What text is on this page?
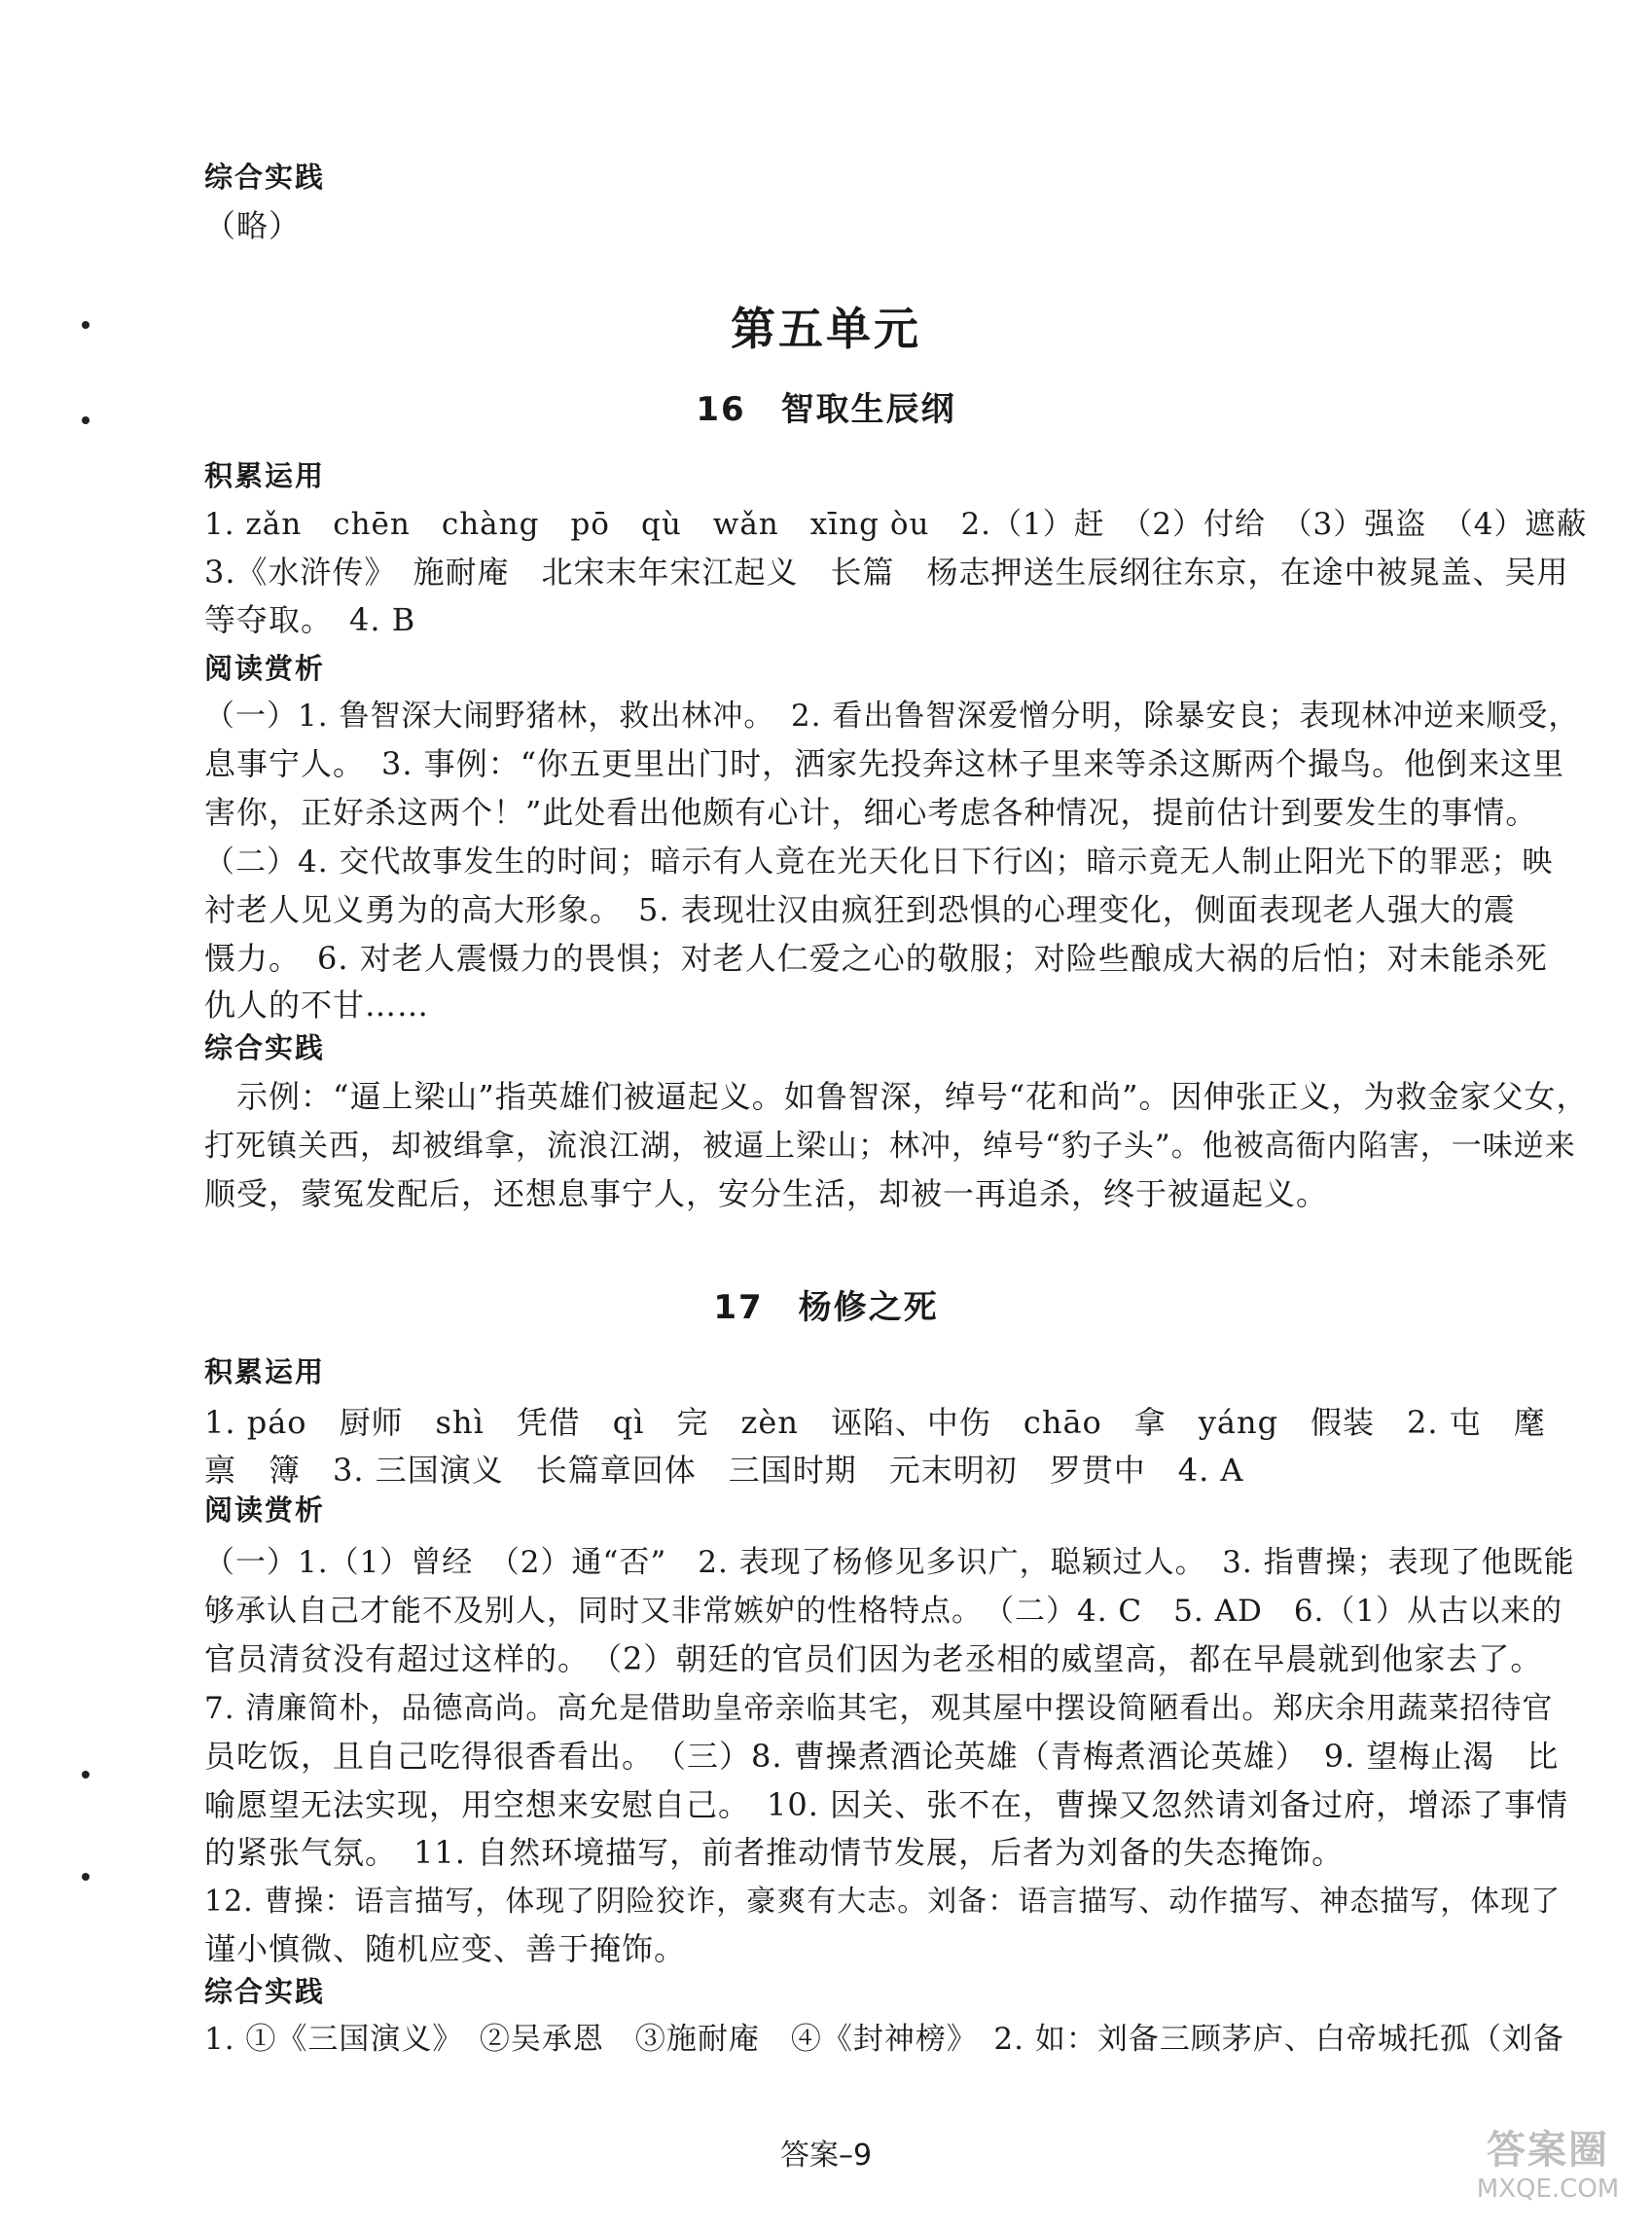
综合实践
（略）
第五单元
16　智取生辰纲
积累运用
1. zǎn　chēn　chàng　pō　qù　wǎn　xīng òu　2.（1）赶　（2）付给　（3）强盗　（4）遮蔽
3.《水浒传》　施耐庵　北宋末年宋江起义　长篇　杨志押送生辰纲往东京，在途中被晁盖、吴用
等夺取。　4. B
阅读赏析
（一）1. 鲁智深大闹野猪林，救出林冲。　2. 看出鲁智深爱憎分明，除暴安良；表现林冲逆来顺受，
息事宁人。　3. 事例：“你五更里出门时，洒家先投奔这林子里来等杀这厮两个撮鸟。他倒来这里
害你，正好杀这两个！”此处看出他颇有心计，细心考虑各种情况，提前估计到要发生的事情。
（二）4. 交代故事发生的时间；暗示有人竟在光天化日下行凶；暗示竟无人制止阳光下的罪恶；映
衬老人见义勇为的高大形象。　5. 表现壮汉由疯狂到恐惧的心理变化，侧面表现老人强大的震
慑力。　6. 对老人震慑力的畏惧；对老人仁爱之心的敬服；对险些酿成大祸的后怕；对未能杀死
仇人的不甘……
综合实践
　示例：“逼上梁山”指英雄们被逼起义。如鲁智深，绰号“花和尚”。因伸张正义，为救金家父女，
打死镇关西，却被缉拿，流浪江湖，被逼上梁山；林冲，绰号“豹子头”。他被高衙内陷害，一味逆来
顺受，蒙冤发配后，还想息事宁人，安分生活，却被一再追杀，终于被逼起义。
17　杨修之死
积累运用
1. páo　厨师　shì　凭借　qì　完　zèn　诬陷、中伤　chāo　拿　yáng　假装　2. 屯　麾
禀　簿　3. 三国演义　长篇章回体　三国时期　元末明初　罗贯中　4. A
阅读赏析
（一）1.（1）曾经　（2）通“否”　2. 表现了杨修见多识广，聪颖过人。　3. 指曹操；表现了他既能
够承认自己才能不及别人，同时又非常嫉妒的性格特点。　（二）4. C　5. AD　6.（1）从古以来的
官员清贫没有超过这样的。　（2）朝廷的官员们因为老丞相的威望高，都在早晨就到他家去了。
7. 清廉简朴，品德高尚。高允是借助皇帝亲临其宅，观其屋中摆设简陋看出。郑庆余用蔬菜招待官
员吃饭，且自己吃得很香看出。　（三）8. 曹操煮酒论英雄（青梅煮酒论英雄）　9. 望梅止渴　比
喻愿望无法实现，用空想来安慰自己。　10. 因关、张不在，曹操又忽然请刘备过府，增添了事情
的紧张气氛。　11. 自然环境描写，前者推动情节发展，后者为刘备的失态掩饰。
12. 曹操：语言描写，体现了阴险狡诈，豪爽有大志。刘备：语言描写、动作描写、神态描写，体现了
谨小慎微、随机应变、善于掩饰。
综合实践
1. ①《三国演义》　②吴承恩　③施耐庵　④《封神榜》　2. 如：刘备三顾茅庐、白帝城托孤（刘备
答案–9	答案圈
MXQE.COM
